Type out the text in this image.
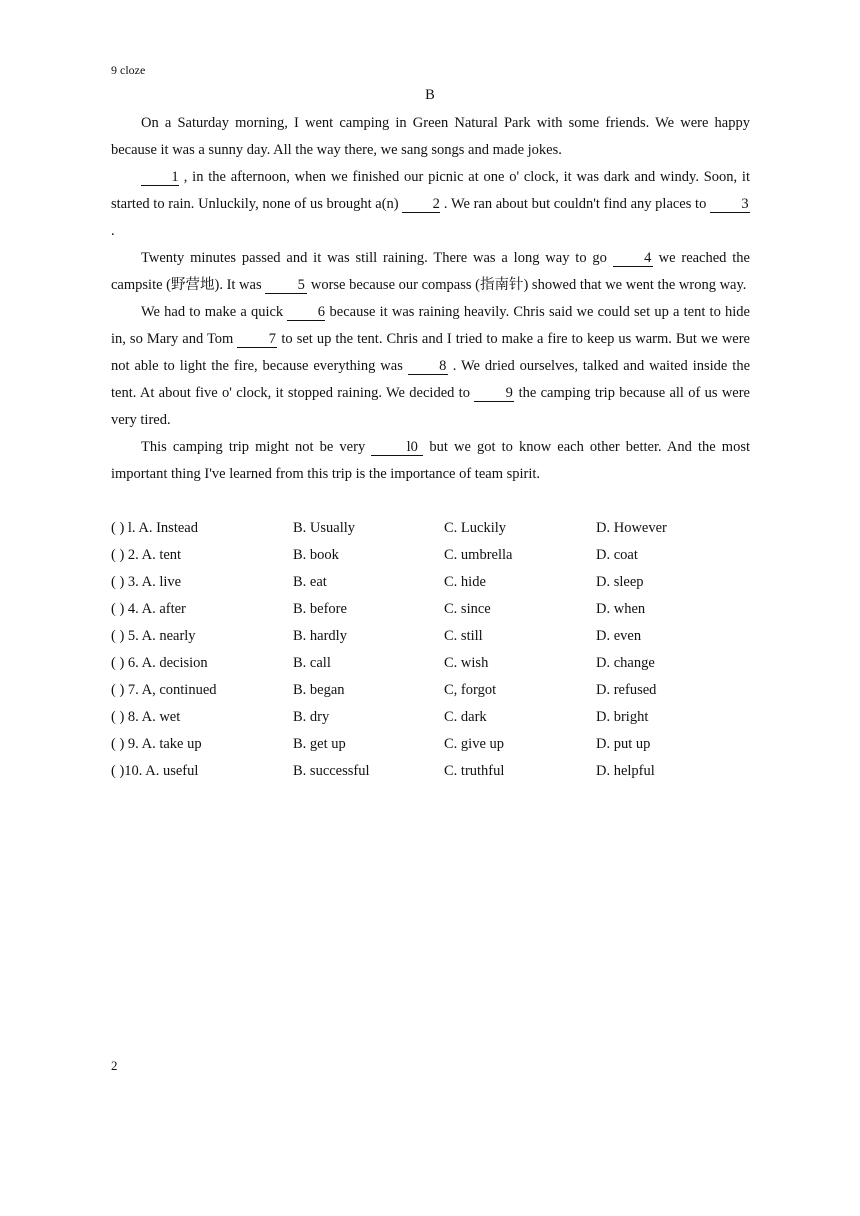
9 cloze
B

On a Saturday morning, I went camping in Green Natural Park with some friends. We were happy because it was a sunny day. All the way there, we sang songs and made jokes.

1 , in the afternoon, when we finished our picnic at one o' clock, it was dark and windy. Soon, it started to rain. Unluckily, none of us brought a(n) 2 . We ran about but couldn't find any places to 3.

Twenty minutes passed and it was still raining. There was a long way to go 4 we reached the campsite (野营地). It was 5 worse because our compass (指南针) showed that we went the wrong way.

We had to make a quick 6 because it was raining heavily. Chris said we could set up a tent to hide in, so Mary and Tom 7 to set up the tent. Chris and I tried to make a fire to keep us warm. But we were not able to light the fire, because everything was 8 . We dried ourselves, talked and waited inside the tent. At about five o' clock, it stopped raining. We decided to 9 the camping trip because all of us were very tired.

This camping trip might not be very l0 but we got to know each other better. And the most important thing I've learned from this trip is the importance of team spirit.

( ) l. A. Instead	B. Usually	C. Luckily	D. However
( ) 2. A. tent	B. book	C. umbrella	D. coat
( ) 3. A. live	B. eat	C. hide	D. sleep
( ) 4. A. after	B. before	C. since	D. when
( ) 5. A. nearly	B. hardly	C. still	D. even
( ) 6. A. decision	B. call	C. wish	D. change
( ) 7. A, continued	B. began	C, forgot	D. refused
( ) 8. A. wet	B. dry	C. dark	D. bright
( ) 9. A. take up	B. get up	C. give up	D. put up
( )10. A. useful	B. successful	C. truthful	D. helpful
2
